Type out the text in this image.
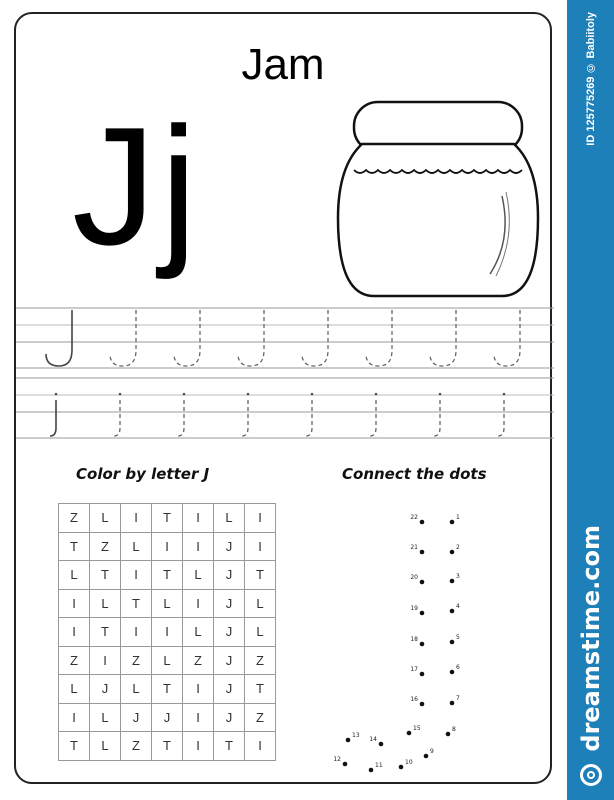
Jam
Jj
Color by letter J
Z	L	I	T	I	L	I
T	Z	L	I	I	J	I
L	T	I	T	L	J	T
I	L	T	L	I	J	L
I	T	I	I	L	J	L
Z	I	Z	L	Z	J	Z
L	J	L	T	I	J	T
I	L	J	J	I	J	Z
T	L	Z	T	I	T	I
Connect the dots
22	1
21	2
20	3
19	4
18	5
17	6
16	7
15	8
14
9
13
10
11
12
ID 125775269 © Babiitoly
dreamstime.com
